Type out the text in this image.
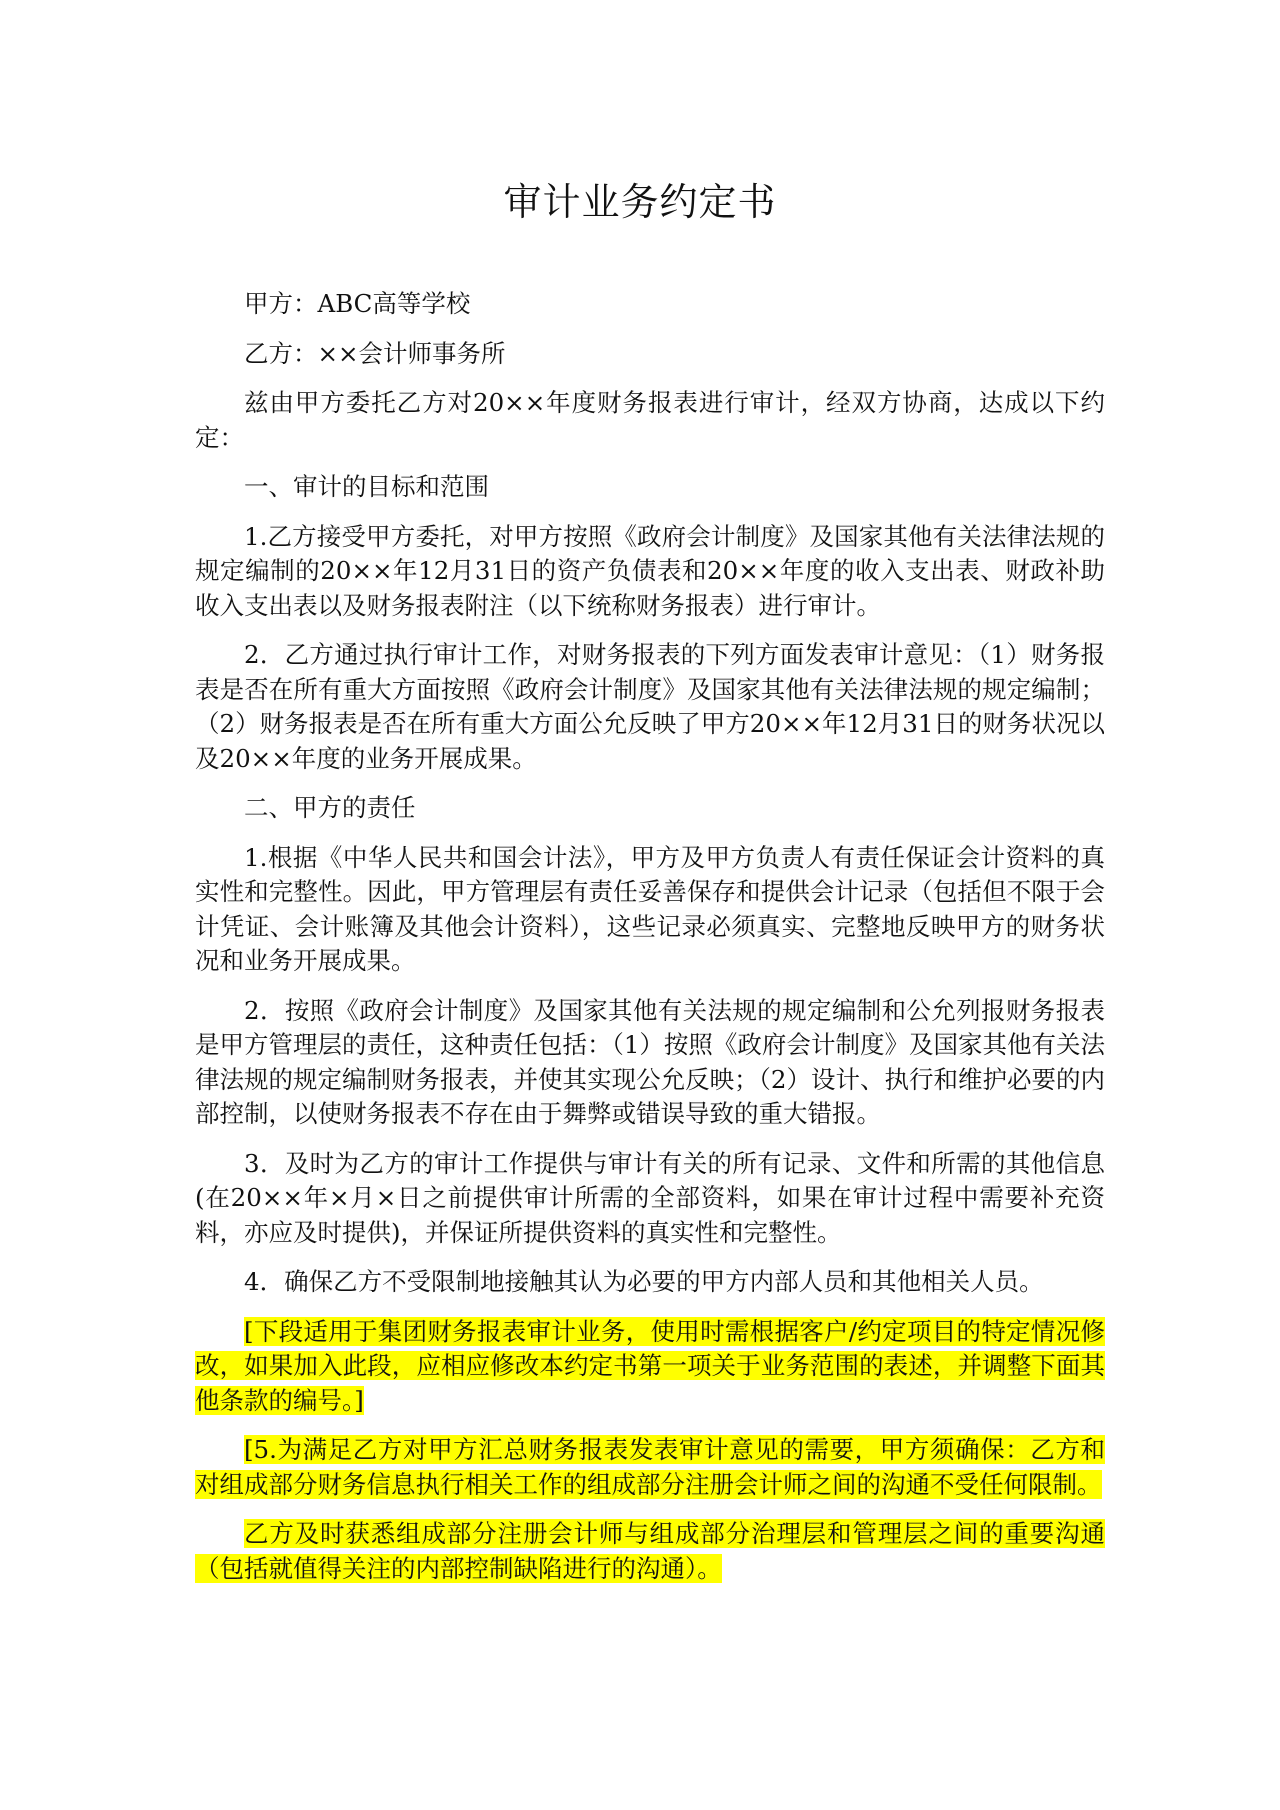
审计业务约定书

甲方：ABC高等学校

乙方：××会计师事务所

兹由甲方委托乙方对20××年度财务报表进行审计，经双方协商，达成以下约定：

一、审计的目标和范围

1.乙方接受甲方委托，对甲方按照《政府会计制度》及国家其他有关法律法规的规定编制的20××年12月31日的资产负债表和20××年度的收入支出表、财政补助收入支出表以及财务报表附注（以下统称财务报表）进行审计。

2．乙方通过执行审计工作，对财务报表的下列方面发表审计意见：（1）财务报表是否在所有重大方面按照《政府会计制度》及国家其他有关法律法规的规定编制；（2）财务报表是否在所有重大方面公允反映了甲方20××年12月31日的财务状况以及20××年度的业务开展成果。

二、甲方的责任

1.根据《中华人民共和国会计法》，甲方及甲方负责人有责任保证会计资料的真实性和完整性。因此，甲方管理层有责任妥善保存和提供会计记录（包括但不限于会计凭证、会计账簿及其他会计资料），这些记录必须真实、完整地反映甲方的财务状况和业务开展成果。

2．按照《政府会计制度》及国家其他有关法规的规定编制和公允列报财务报表是甲方管理层的责任，这种责任包括：（1）按照《政府会计制度》及国家其他有关法律法规的规定编制财务报表，并使其实现公允反映；（2）设计、执行和维护必要的内部控制，以使财务报表不存在由于舞弊或错误导致的重大错报。

3．及时为乙方的审计工作提供与审计有关的所有记录、文件和所需的其他信息(在20××年×月×日之前提供审计所需的全部资料，如果在审计过程中需要补充资料，亦应及时提供)，并保证所提供资料的真实性和完整性。

4．确保乙方不受限制地接触其认为必要的甲方内部人员和其他相关人员。

[下段适用于集团财务报表审计业务，使用时需根据客户/约定项目的特定情况修改，如果加入此段，应相应修改本约定书第一项关于业务范围的表述，并调整下面其他条款的编号。]

[5.为满足乙方对甲方汇总财务报表发表审计意见的需要，甲方须确保：乙方和对组成部分财务信息执行相关工作的组成部分注册会计师之间的沟通不受任何限制。

乙方及时获悉组成部分注册会计师与组成部分治理层和管理层之间的重要沟通（包括就值得关注的内部控制缺陷进行的沟通）。
